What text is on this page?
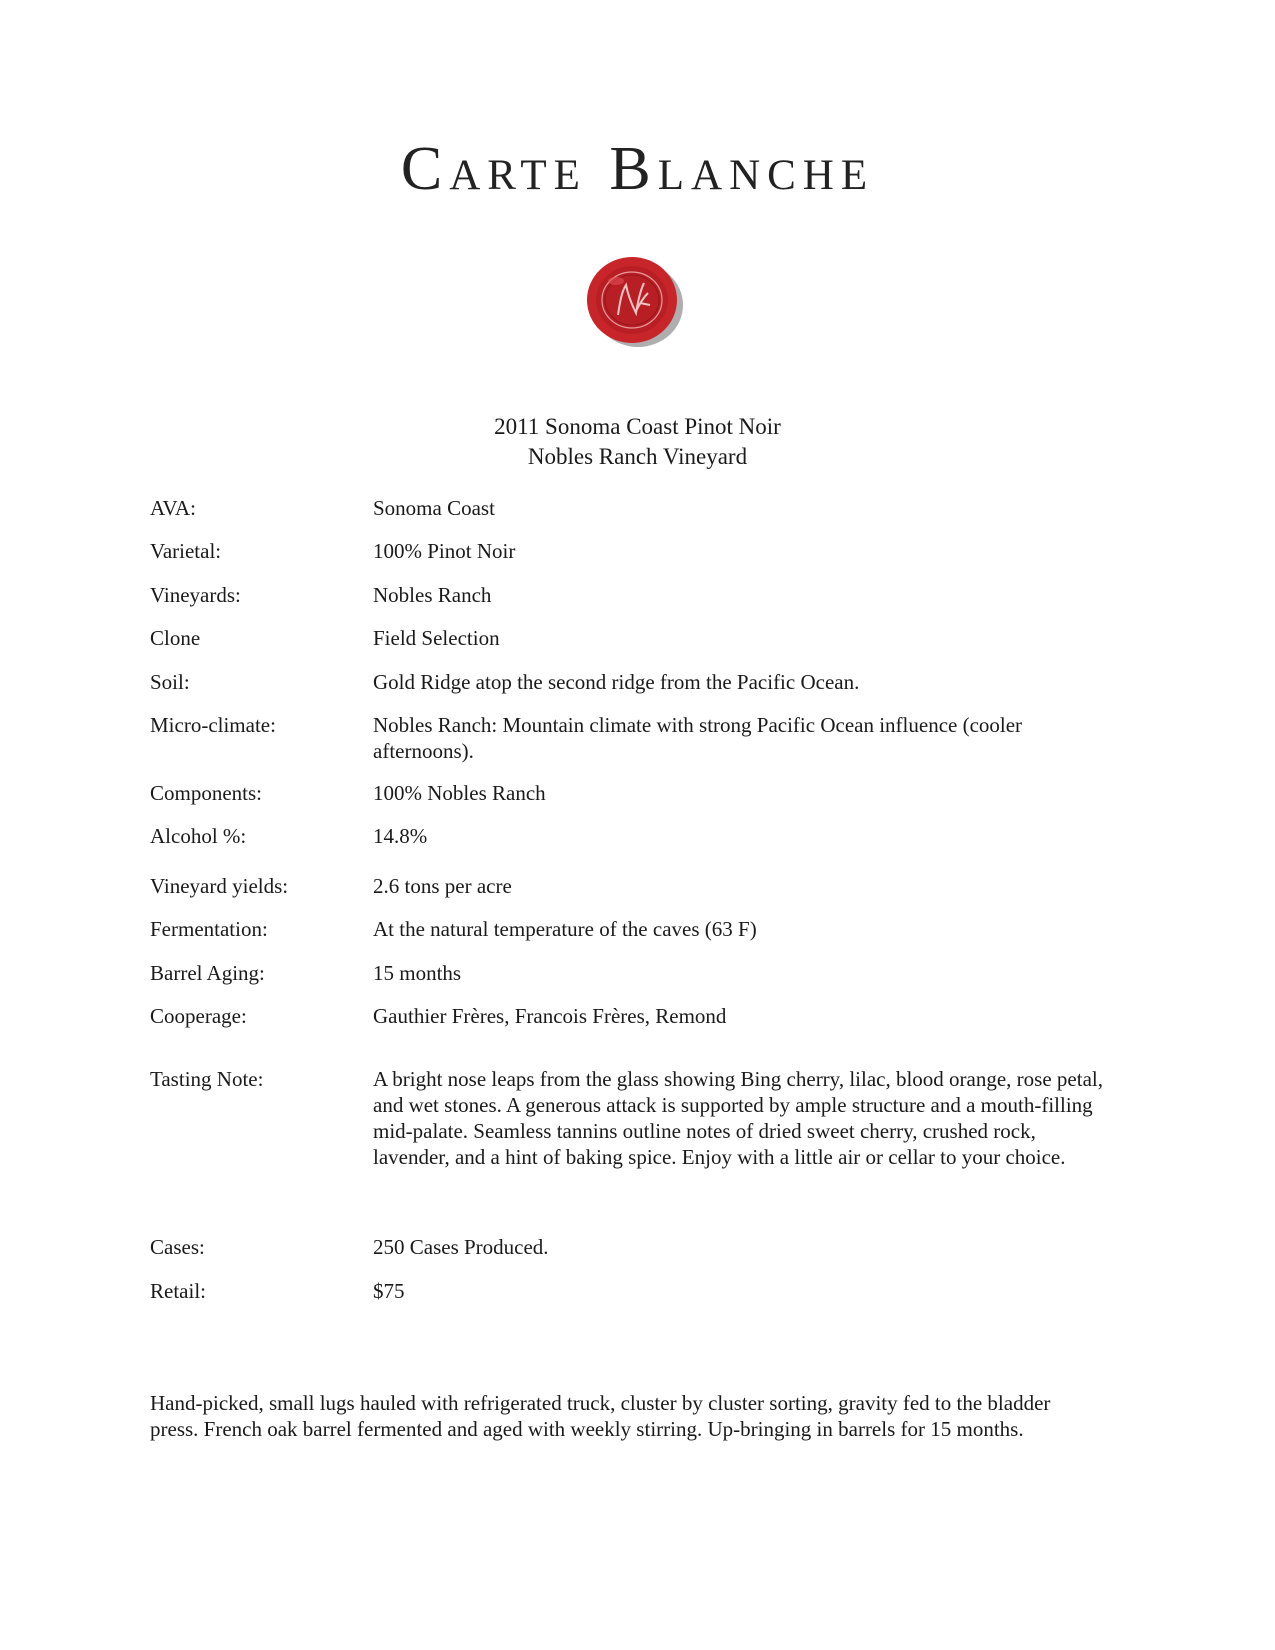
Carte Blanche
2011 Sonoma Coast Pinot Noir
Nobles Ranch Vineyard
AVA:	Sonoma Coast
Varietal:	100% Pinot Noir
Vineyards:	Nobles Ranch
Clone	Field Selection
Soil:	Gold Ridge atop the second ridge from the Pacific Ocean.
Micro-climate:	Nobles Ranch: Mountain climate with strong Pacific Ocean influence (cooler afternoons).
Components:	100% Nobles Ranch
Alcohol %:	14.8%
Vineyard yields:	2.6 tons per acre
Fermentation:	At the natural temperature of the caves (63 F)
Barrel Aging:	15 months
Cooperage:	Gauthier Frères, Francois Frères, Remond
Tasting Note:	A bright nose leaps from the glass showing Bing cherry, lilac, blood orange, rose petal, and wet stones. A generous attack is supported by ample structure and a mouth-filling mid-palate. Seamless tannins outline notes of dried sweet cherry, crushed rock, lavender, and a hint of baking spice. Enjoy with a little air or cellar to your choice.
Cases:	250 Cases Produced.
Retail:	$75
Hand-picked, small lugs hauled with refrigerated truck, cluster by cluster sorting, gravity fed to the bladder press. French oak barrel fermented and aged with weekly stirring. Up-bringing in barrels for 15 months.
